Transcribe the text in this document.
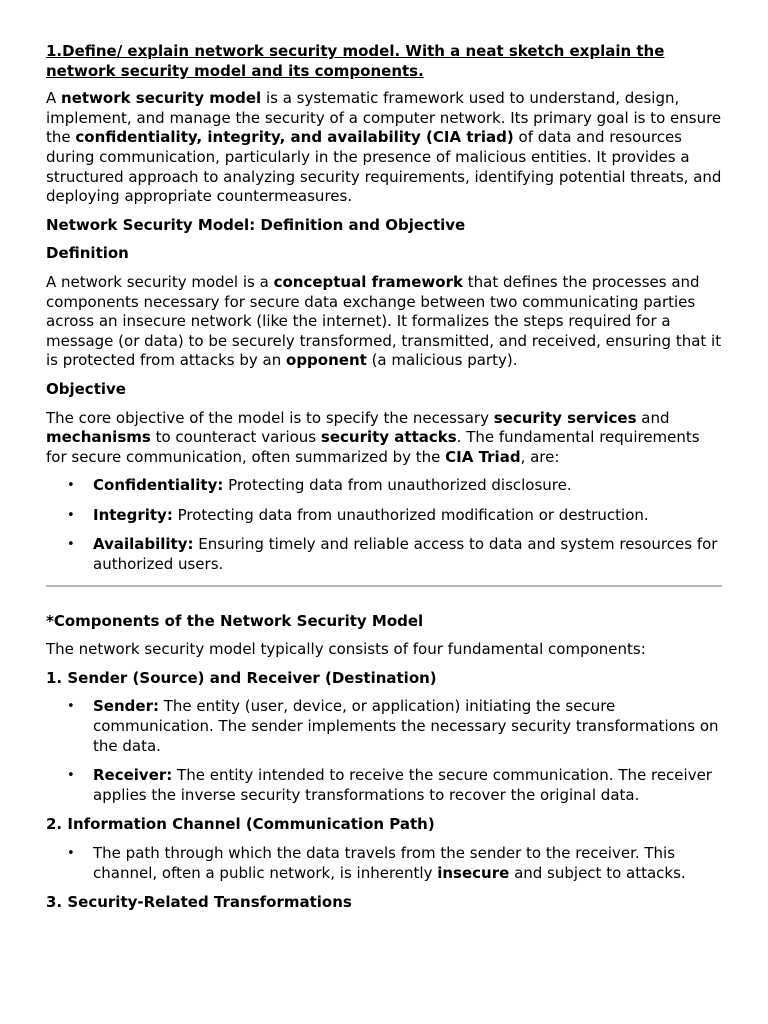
1.Define/ explain network security model. With a neat sketch explain the network security model and its components.

A network security model is a systematic framework used to understand, design, implement, and manage the security of a computer network. Its primary goal is to ensure the confidentiality, integrity, and availability (CIA triad) of data and resources during communication, particularly in the presence of malicious entities. It provides a structured approach to analyzing security requirements, identifying potential threats, and deploying appropriate countermeasures.

Network Security Model: Definition and Objective

Definition

A network security model is a conceptual framework that defines the processes and components necessary for secure data exchange between two communicating parties across an insecure network (like the internet). It formalizes the steps required for a message (or data) to be securely transformed, transmitted, and received, ensuring that it is protected from attacks by an opponent (a malicious party).

Objective

The core objective of the model is to specify the necessary security services and mechanisms to counteract various security attacks. The fundamental requirements for secure communication, often summarized by the CIA Triad, are:

• Confidentiality: Protecting data from unauthorized disclosure.
• Integrity: Protecting data from unauthorized modification or destruction.
• Availability: Ensuring timely and reliable access to data and system resources for authorized users.

*Components of the Network Security Model

The network security model typically consists of four fundamental components:

1. Sender (Source) and Receiver (Destination)

• Sender: The entity (user, device, or application) initiating the secure communication. The sender implements the necessary security transformations on the data.
• Receiver: The entity intended to receive the secure communication. The receiver applies the inverse security transformations to recover the original data.

2. Information Channel (Communication Path)

• The path through which the data travels from the sender to the receiver. This channel, often a public network, is inherently insecure and subject to attacks.

3. Security-Related Transformations
